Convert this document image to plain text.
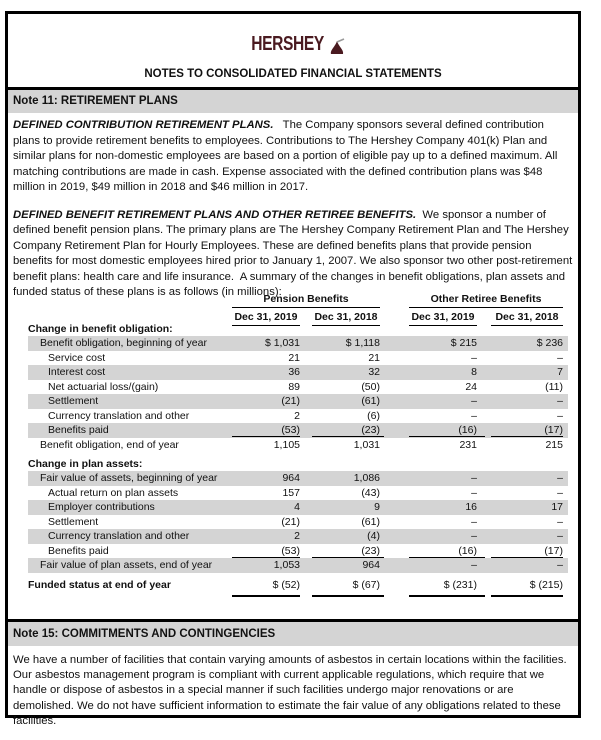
HERSHEY
NOTES TO CONSOLIDATED FINANCIAL STATEMENTS
Note 11: RETIREMENT PLANS

DEFINED CONTRIBUTION RETIREMENT PLANS.   The Company sponsors several defined contribution plans to provide retirement benefits to employees. Contributions to The Hershey Company 401(k) Plan and similar plans for non-domestic employees are based on a portion of eligible pay up to a defined maximum. All matching contributions are made in cash. Expense associated with the defined contribution plans was $48 million in 2019, $49 million in 2018 and $46 million in 2017.

DEFINED BENEFIT RETIREMENT PLANS AND OTHER RETIREE BENEFITS.  We sponsor a number of defined benefit pension plans. The primary plans are The Hershey Company Retirement Plan and The Hershey Company Retirement Plan for Hourly Employees. These are defined benefits plans that provide pension benefits for most domestic employees hired prior to January 1, 2007. We also sponsor two other post-retirement benefit plans: health care and life insurance.  A summary of the changes in benefit obligations, plan assets and funded status of these plans is as follows (in millions):

Pension Benefits	Other Retiree Benefits
Dec 31, 2019 Dec 31, 2018	Dec 31, 2019	Dec 31, 2018
Change in benefit obligation:
Benefit obligation, beginning of year	$ 1,031	$ 1,118	$ 215	$ 236
Service cost	21	21	–	–
Interest cost	36	32	8	7
Net actuarial loss/(gain)	89	(50)	24	(11)
Settlement	(21)	(61)	–	–
Currency translation and other	2	(6)	–	–
Benefits paid	(53)	(23)	(16)	(17)
Benefit obligation, end of year	1,105	1,031	231	215
Change in plan assets:
Fair value of assets, beginning of year	964	1,086	–	–
Actual return on plan assets	157	(43)	–	–
Employer contributions	4	9	16	17
Settlement	(21)	(61)	–	–
Currency translation and other	2	(4)	–	–
Benefits paid	(53)	(23)	(16)	(17)
Fair value of plan assets, end of year	1,053	964	–	–
Funded status at end of year	$ (52)	$ (67)	$ (231)	$ (215)
Note 15: COMMITMENTS AND CONTINGENCIES

We have a number of facilities that contain varying amounts of asbestos in certain locations within the facilities. Our asbestos management program is compliant with current applicable regulations, which require that we handle or dispose of asbestos in a special manner if such facilities undergo major renovations or are demolished. We do not have sufficient information to estimate the fair value of any obligations related to these facilities.
